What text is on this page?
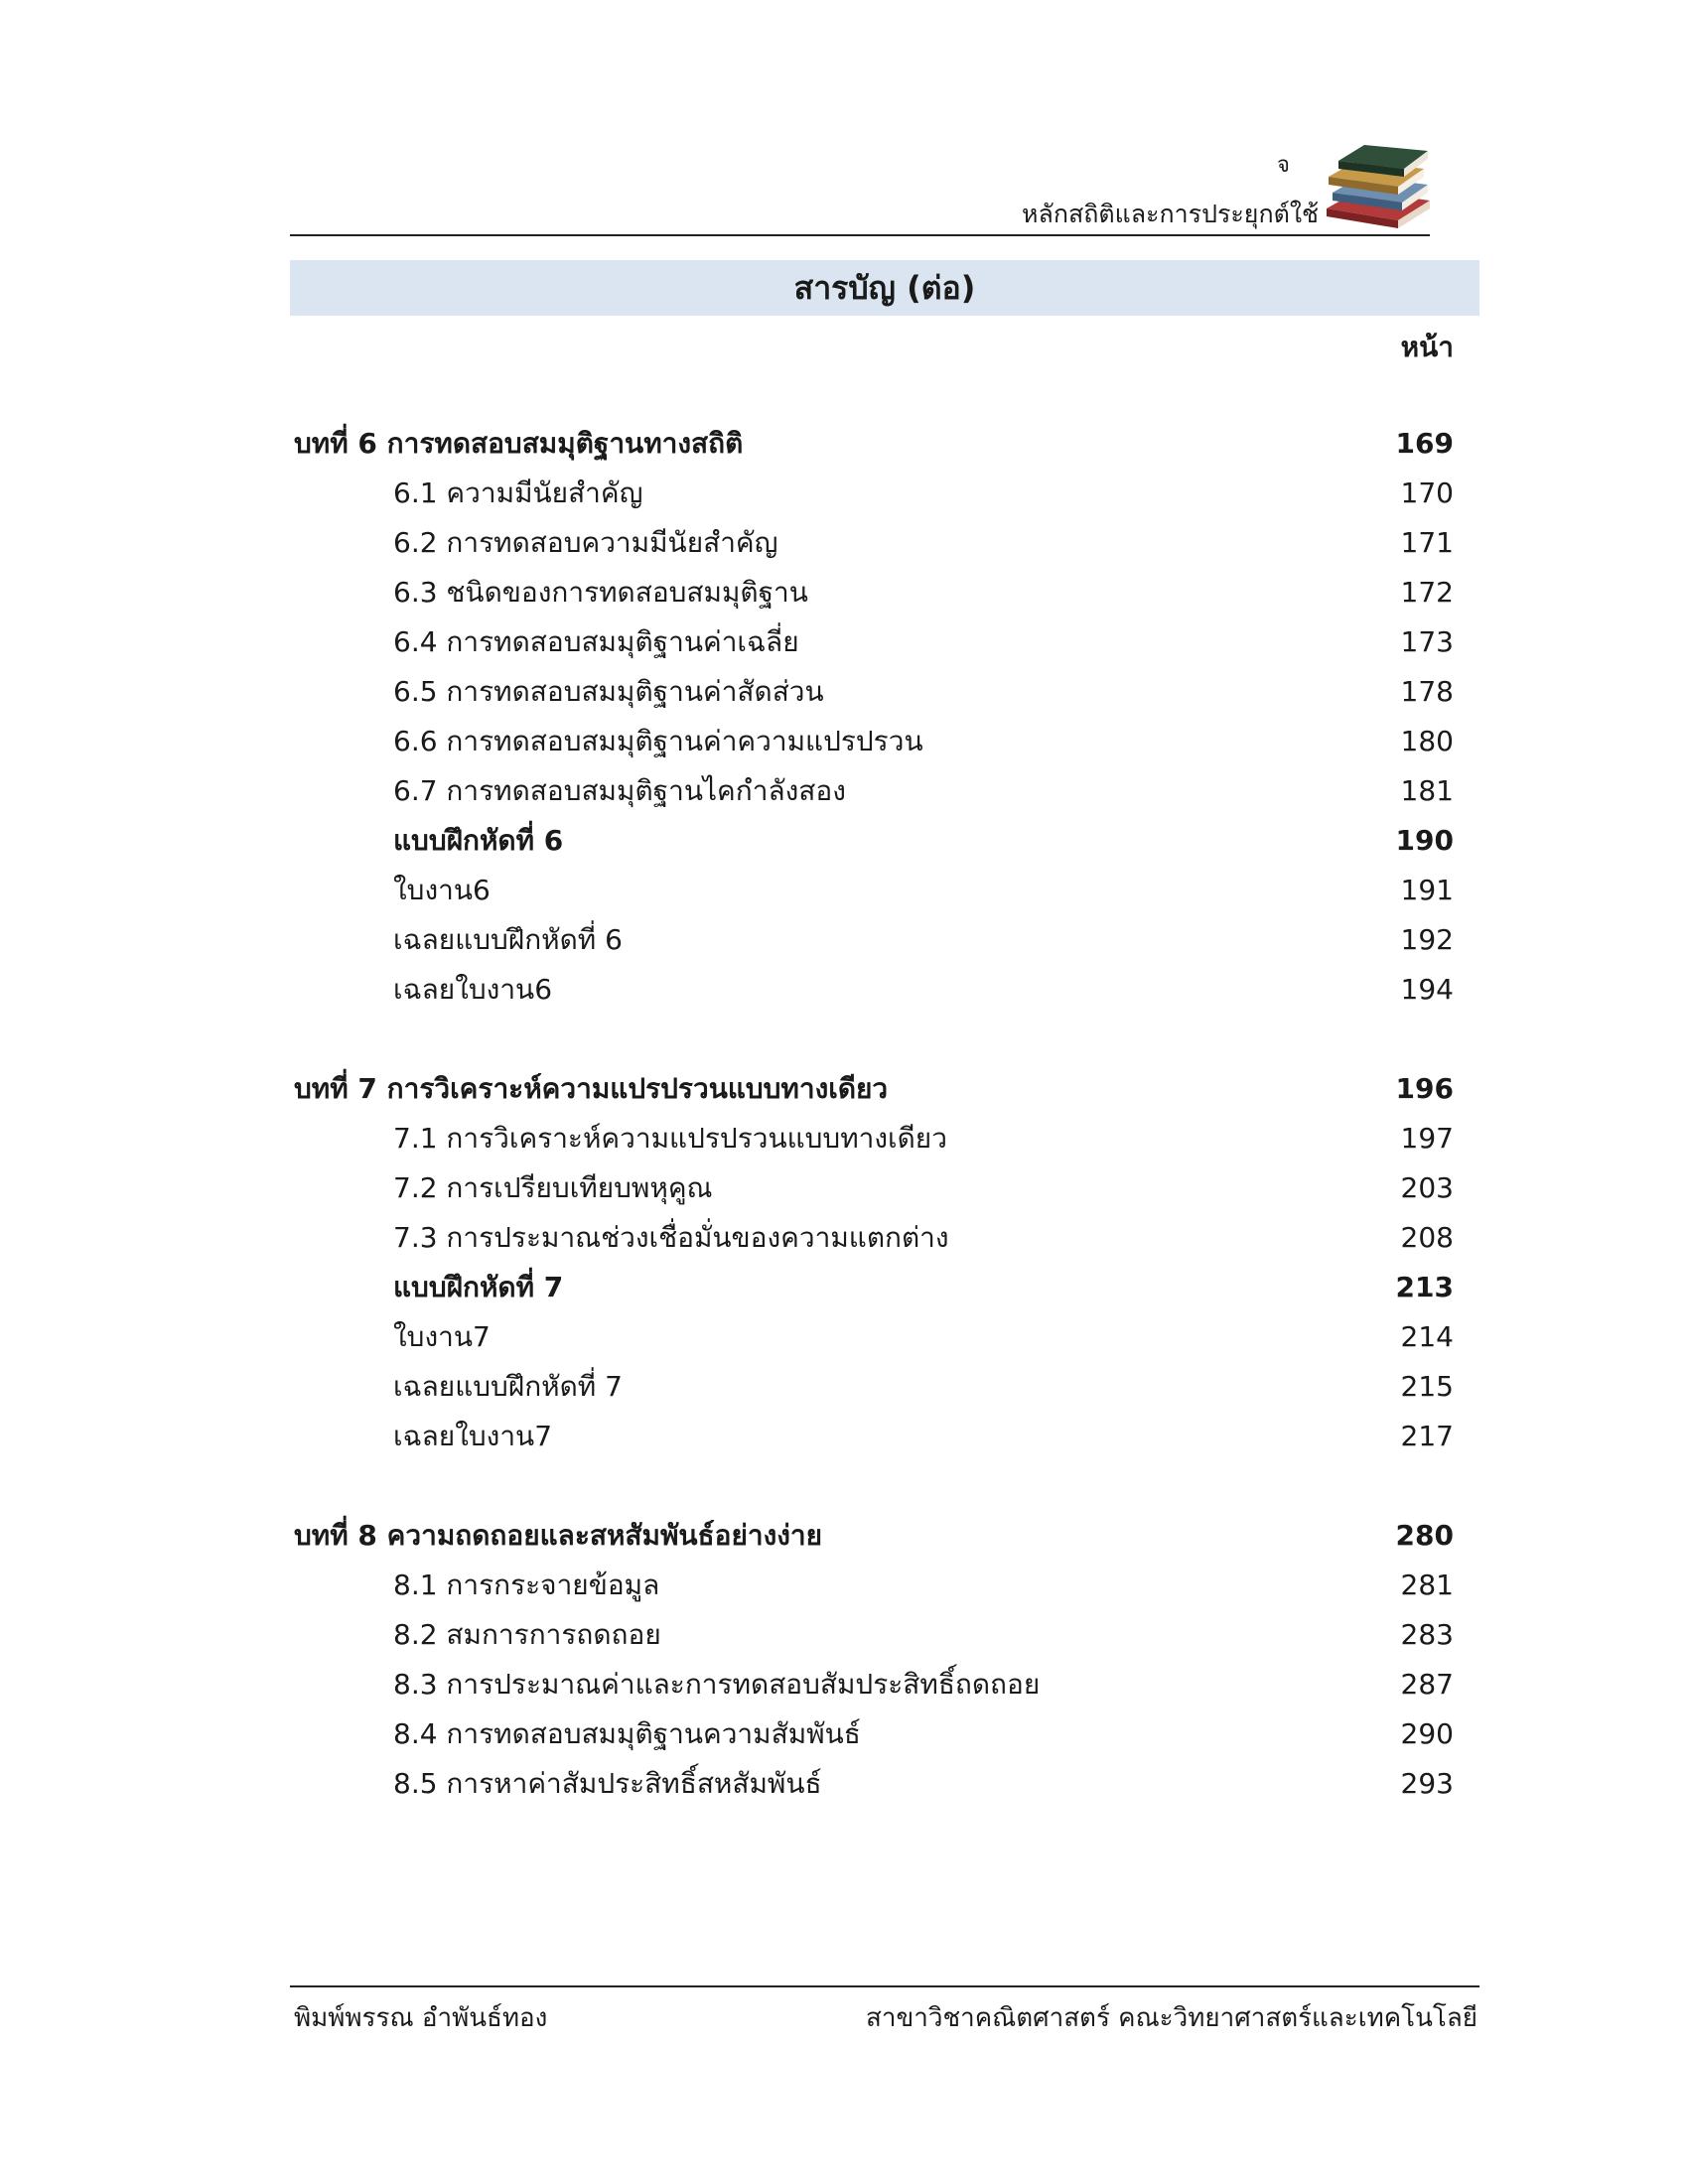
จ
หลักสถิติและการประยุกต์ใช้
สารบัญ (ต่อ)
หน้า
บทที่ 6 การทดสอบสมมุติฐานทางสถิติ	169
6.1 ความมีนัยสำคัญ	170
6.2 การทดสอบความมีนัยสำคัญ	171
6.3 ชนิดของการทดสอบสมมุติฐาน	172
6.4 การทดสอบสมมุติฐานค่าเฉลี่ย	173
6.5 การทดสอบสมมุติฐานค่าสัดส่วน	178
6.6 การทดสอบสมมุติฐานค่าความแปรปรวน	180
6.7 การทดสอบสมมุติฐานไคกำลังสอง	181
แบบฝึกหัดที่ 6	190
ใบงาน6	191
เฉลยแบบฝึกหัดที่ 6	192
เฉลยใบงาน6	194
บทที่ 7 การวิเคราะห์ความแปรปรวนแบบทางเดียว	196
7.1 การวิเคราะห์ความแปรปรวนแบบทางเดียว	197
7.2 การเปรียบเทียบพหุคูณ	203
7.3 การประมาณช่วงเชื่อมั่นของความแตกต่าง	208
แบบฝึกหัดที่ 7	213
ใบงาน7	214
เฉลยแบบฝึกหัดที่ 7	215
เฉลยใบงาน7	217
บทที่ 8 ความถดถอยและสหสัมพันธ์อย่างง่าย	280
8.1 การกระจายข้อมูล	281
8.2 สมการการถดถอย	283
8.3 การประมาณค่าและการทดสอบสัมประสิทธิ์ถดถอย	287
8.4 การทดสอบสมมุติฐานความสัมพันธ์	290
8.5 การหาค่าสัมประสิทธิ์สหสัมพันธ์	293
พิมพ์พรรณ อำพันธ์ทอง	สาขาวิชาคณิตศาสตร์ คณะวิทยาศาสตร์และเทคโนโลยี
